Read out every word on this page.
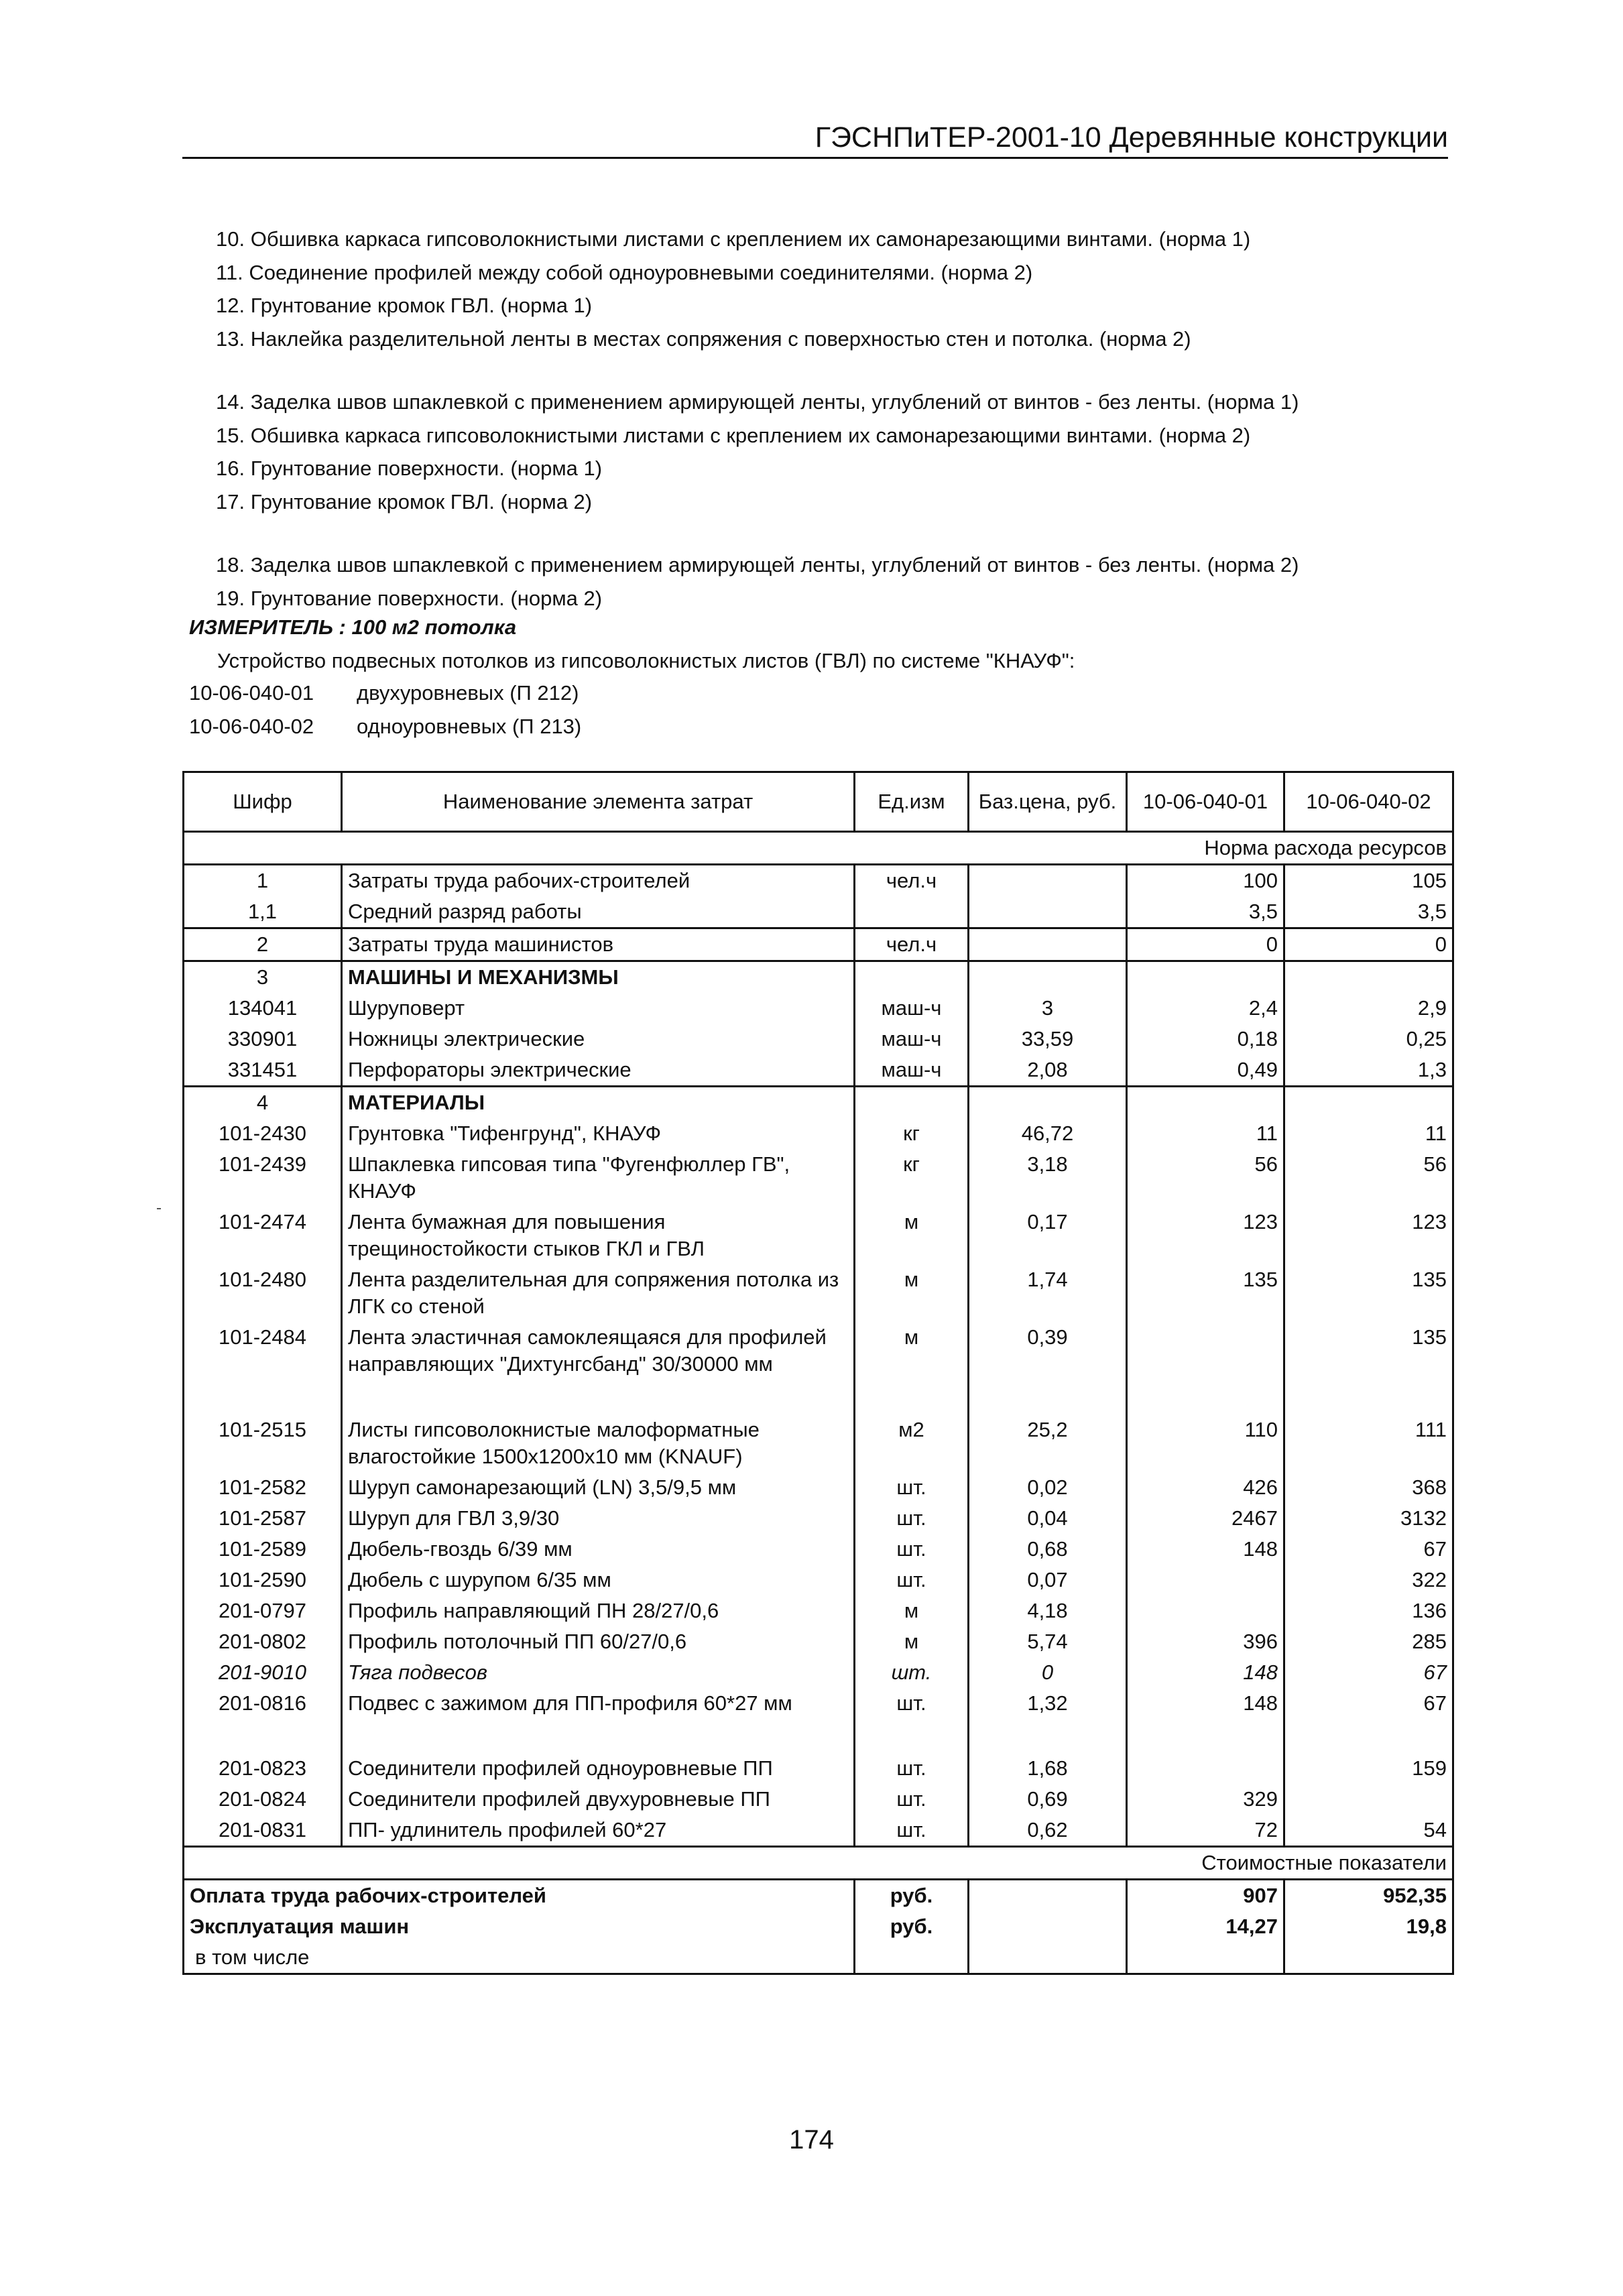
ГЭСНПиТЕР-2001-10 Деревянные конструкции
10. Обшивка каркаса гипсоволокнистыми листами с креплением их самонарезающими винтами. (норма 1)
11. Соединение профилей между собой одноуровневыми соединителями. (норма 2)
12. Грунтование кромок ГВЛ. (норма 1)
13. Наклейка разделительной ленты в местах сопряжения с поверхностью стен и потолка. (норма 2)
14. Заделка швов шпаклевкой с применением армирующей ленты, углублений от винтов - без ленты. (норма 1)
15. Обшивка каркаса гипсоволокнистыми листами с креплением их самонарезающими винтами. (норма 2)
16. Грунтование поверхности. (норма 1)
17. Грунтование кромок ГВЛ. (норма 2)
18. Заделка швов шпаклевкой с применением армирующей ленты, углублений от винтов - без ленты. (норма 2)
19. Грунтование поверхности. (норма 2)
ИЗМЕРИТЕЛЬ : 100 м2 потолка
Устройство подвесных потолков из гипсоволокнистых листов (ГВЛ) по системе "КНАУФ":
10-06-040-01 двухуровневых (П 212)
10-06-040-02 одноуровневых (П 213)
Шифр	Наименование элемента затрат	Ед.изм	Баз.цена, руб.	10-06-040-01	10-06-040-02
Норма расхода ресурсов					
1	Затраты труда рабочих-строителей	чел.ч		100	105
1,1	Средний разряд работы			3,5	3,5
2	Затраты труда машинистов	чел.ч		0	0
3	МАШИНЫ И МЕХАНИЗМЫ				
134041	Шуруповерт	маш-ч	3	2,4	2,9
330901	Ножницы электрические	маш-ч	33,59	0,18	0,25
331451	Перфораторы электрические	маш-ч	2,08	0,49	1,3
4	МАТЕРИАЛЫ				
101-2430	Грунтовка "Тифенгрунд", КНАУФ	кг	46,72	11	11
101-2439	Шпаклевка гипсовая типа "Фугенфюллер ГВ", КНАУФ	кг	3,18	56	56
101-2474	Лента бумажная для повышения трещиностойкости стыков ГКЛ и ГВЛ	м	0,17	123	123
101-2480	Лента разделительная для сопряжения потолка из ЛГК со стеной	м	1,74	135	135
101-2484	Лента эластичная самоклеящаяся для профилей направляющих "Дихтунгсбанд" 30/30000 мм	м	0,39		135
101-2515	Листы гипсоволокнистые малоформатные влагостойкие 1500х1200х10 мм (KNAUF)	м2	25,2	110	111
101-2582	Шуруп самонарезающий (LN) 3,5/9,5 мм	шт.	0,02	426	368
101-2587	Шуруп для ГВЛ 3,9/30	шт.	0,04	2467	3132
101-2589	Дюбель-гвоздь 6/39 мм	шт.	0,68	148	67
101-2590	Дюбель с шурупом 6/35 мм	шт.	0,07		322
201-0797	Профиль направляющий ПН 28/27/0,6	м	4,18		136
201-0802	Профиль потолочный ПП 60/27/0,6	м	5,74	396	285
201-9010	Тяга подвесов	шт.	0	148	67
201-0816	Подвес с зажимом для ПП-профиля 60*27 мм	шт.	1,32	148	67
201-0823	Соединители профилей одноуровневые ПП	шт.	1,68		159
201-0824	Соединители профилей двухуровневые ПП	шт.	0,69	329	
201-0831	ПП- удлинитель профилей 60*27	шт.	0,62	72	54
Стоимостные показатели					
Оплата труда рабочих-строителей		руб.		907	952,35
Эксплуатация машин		руб.		14,27	19,8
в том числе					
174
